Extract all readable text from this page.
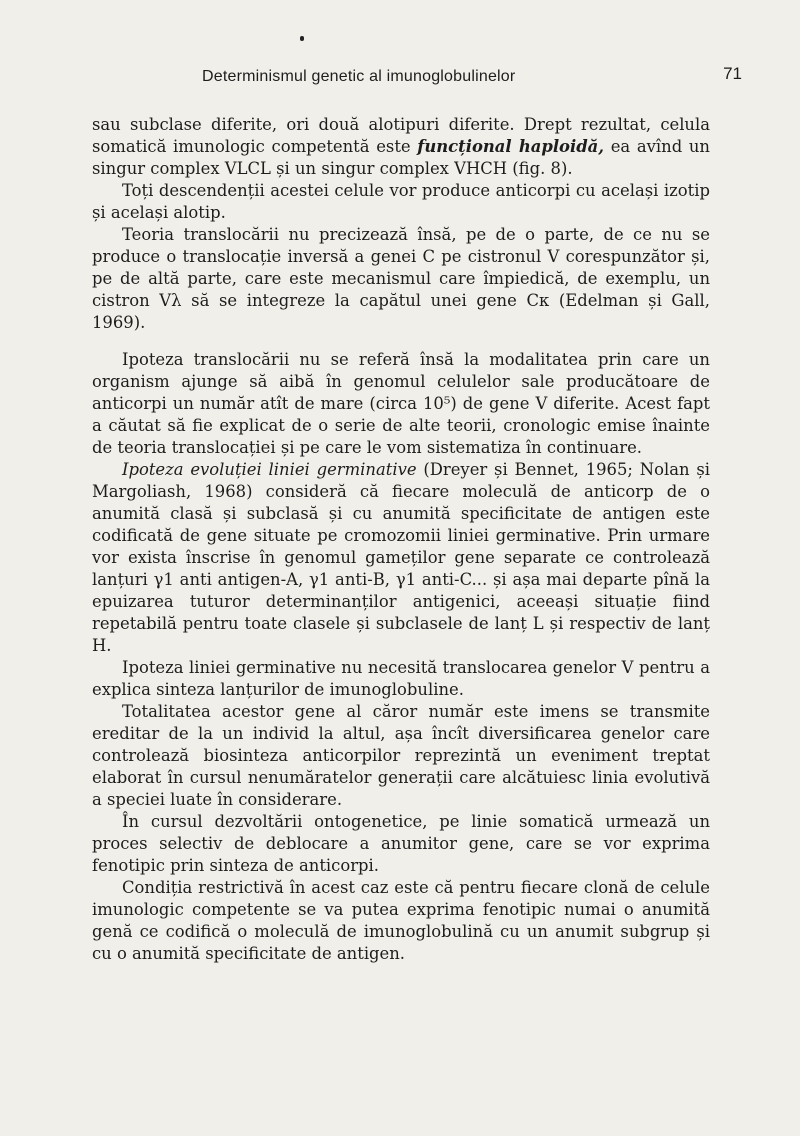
Determinismul genetic al imunoglobulinelor	71

sau subclase diferite, ori două alotipuri diferite. Drept rezultat, celula somatică imunologic competentă este funcțional haploidă, ea avînd un singur complex VLCL și un singur complex VHCH (fig. 8).

Toți descendenții acestei celule vor produce anticorpi cu același izotip și același alotip.

Teoria translocării nu precizează însă, pe de o parte, de ce nu se produce o translocație inversă a genei C pe cistronul V corespunzător și, pe de altă parte, care este mecanismul care împiedică, de exemplu, un cistron Vλ să se integreze la capătul unei gene Cκ (Edelman și Gall, 1969).

Ipoteza translocării nu se referă însă la modalitatea prin care un organism ajunge să aibă în genomul celulelor sale producătoare de anticorpi un număr atît de mare (circa 10⁵) de gene V diferite. Acest fapt a căutat să fie explicat de o serie de alte teorii, cronologic emise înainte de teoria translocației și pe care le vom sistematiza în continuare.

Ipoteza evoluției liniei germinative (Dreyer și Bennet, 1965; Nolan și Margoliash, 1968) consideră că fiecare moleculă de anticorp de o anumită clasă și subclasă și cu anumită specificitate de antigen este codificată de gene situate pe cromozomii liniei germinative. Prin urmare vor exista înscrise în genomul gameților gene separate ce controlează lanțuri γ1 anti antigen-A, γ1 anti-B, γ1 anti-C... și așa mai departe pînă la epuizarea tuturor determinanților antigenici, aceeași situație fiind repetabilă pentru toate clasele și subclasele de lanț L și respectiv de lanț H.

Ipoteza liniei germinative nu necesită translocarea genelor V pentru a explica sinteza lanțurilor de imunoglobuline.

Totalitatea acestor gene al căror număr este imens se transmite ereditar de la un individ la altul, așa încît diversificarea genelor care controlează biosinteza anticorpilor reprezintă un eveniment treptat elaborat în cursul nenumăratelor generații care alcătuiesc linia evolutivă a speciei luate în considerare.

În cursul dezvoltării ontogenetice, pe linie somatică urmează un proces selectiv de deblocare a anumitor gene, care se vor exprima fenotipic prin sinteza de anticorpi.

Condiția restrictivă în acest caz este că pentru fiecare clonă de celule imunologic competente se va putea exprima fenotipic numai o anumită genă ce codifică o moleculă de imunoglobulină cu un anumit subgrup și cu o anumită specificitate de antigen.
